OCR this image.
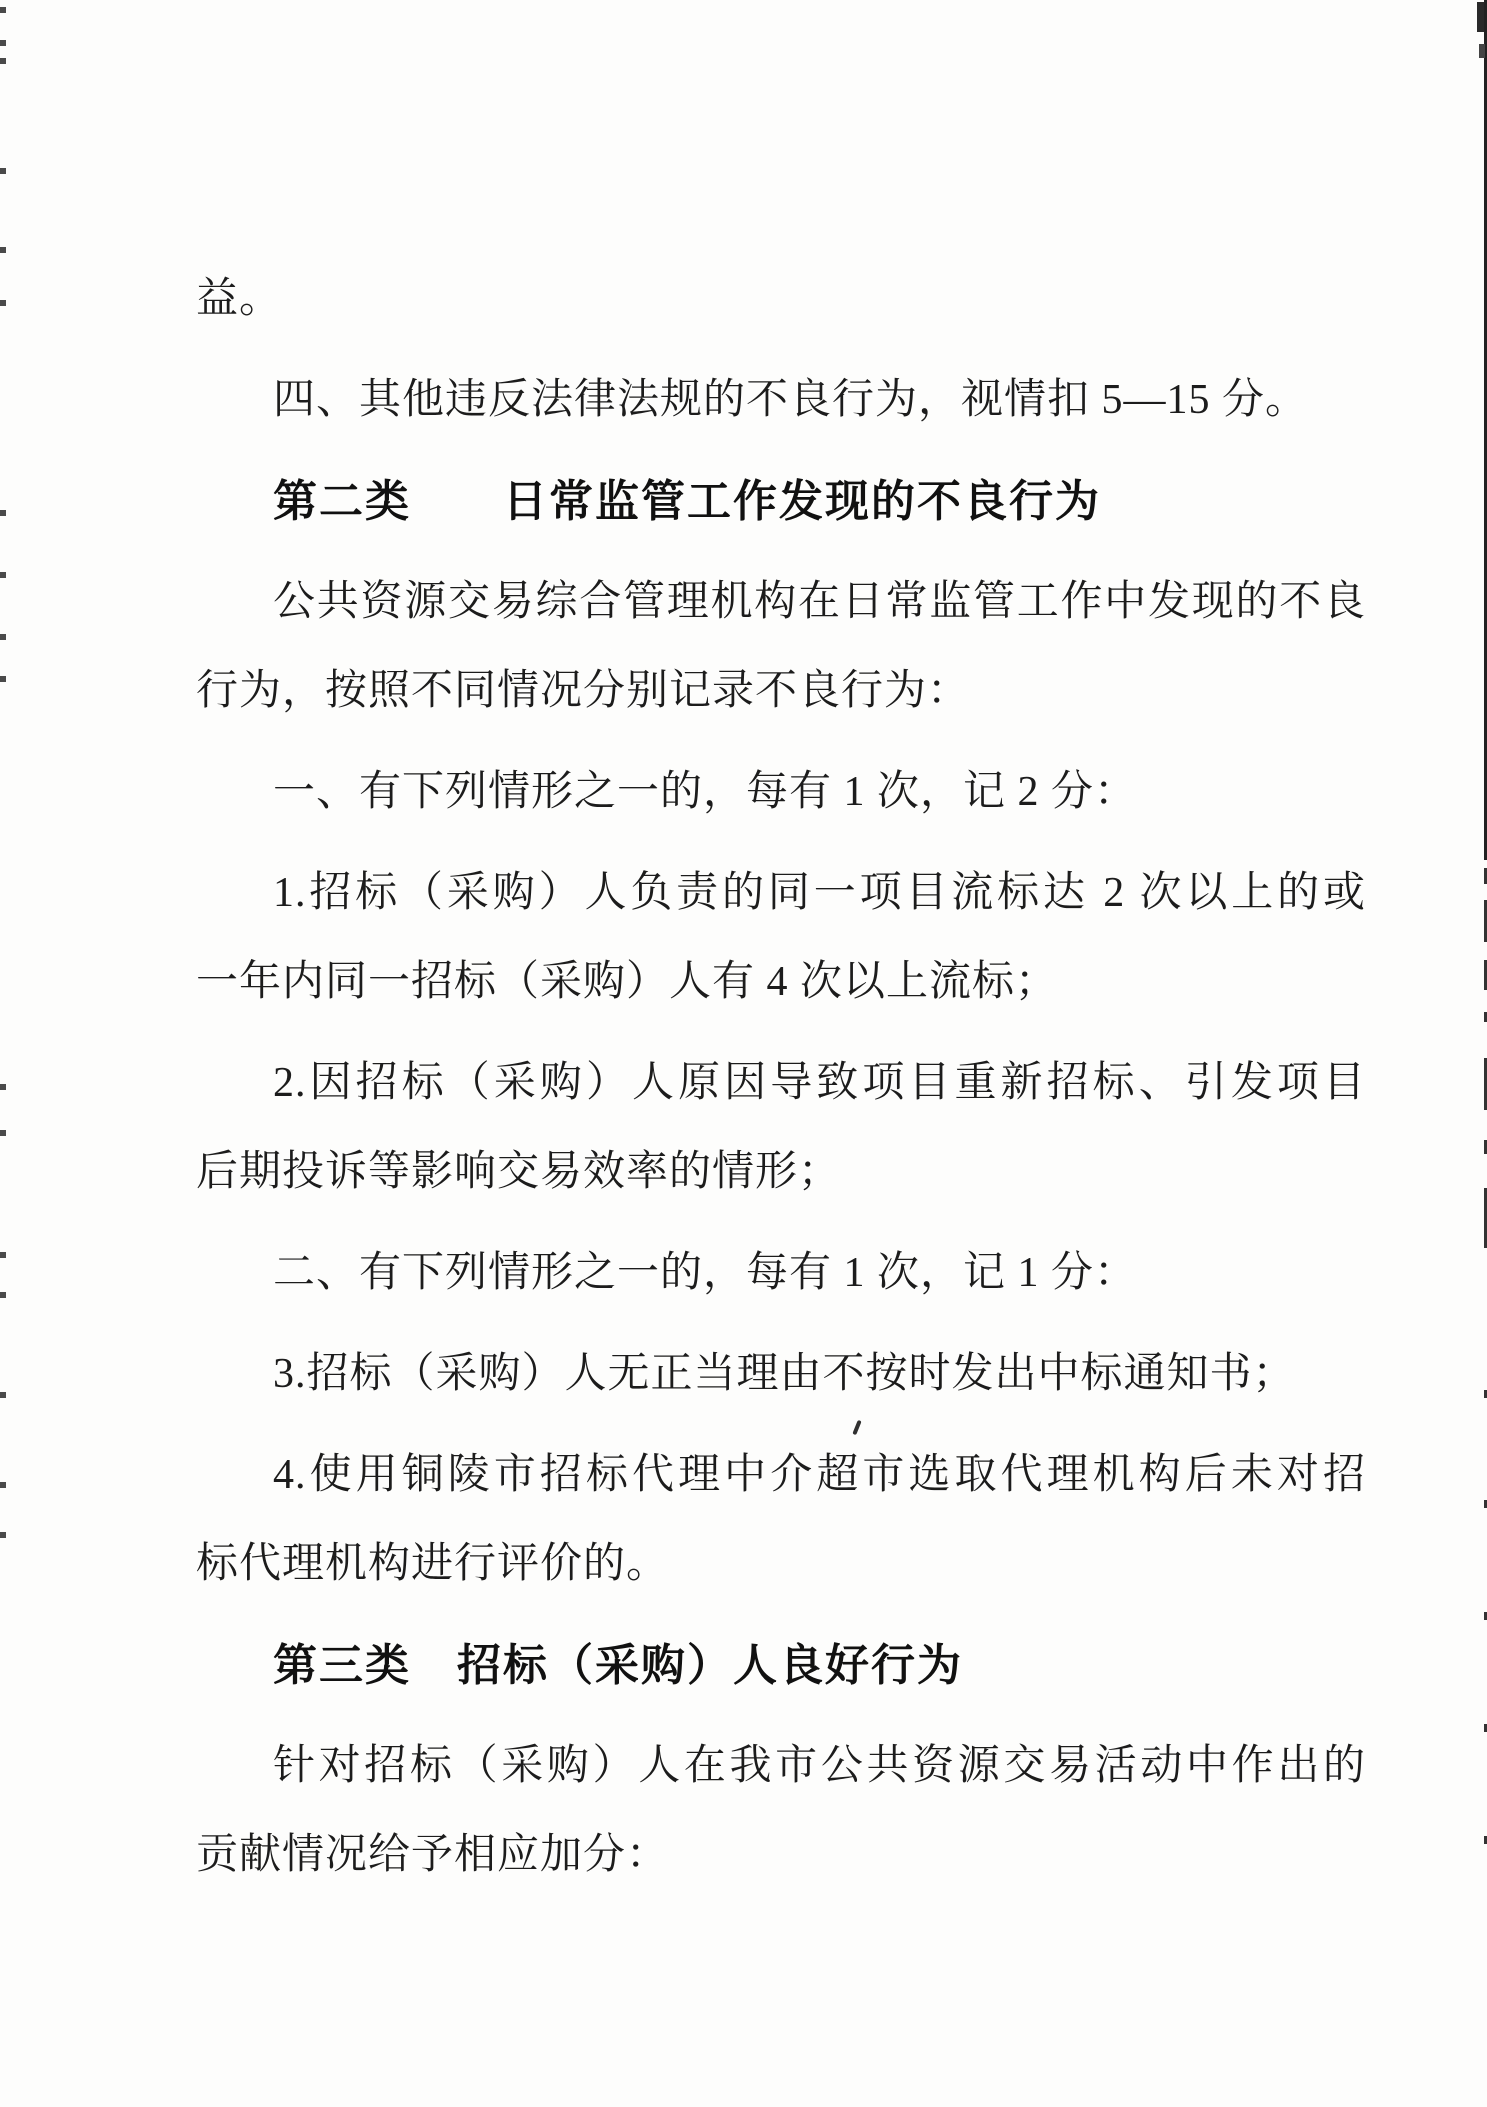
益。
四、其他违反法律法规的不良行为，视情扣 5—15 分。
第二类　　日常监管工作发现的不良行为
公共资源交易综合管理机构在日常监管工作中发现的不良
行为，按照不同情况分别记录不良行为：
一、有下列情形之一的，每有 1 次，记 2 分：
1.招标（采购）人负责的同一项目流标达 2 次以上的或
一年内同一招标（采购）人有 4 次以上流标；
2.因招标（采购）人原因导致项目重新招标、引发项目
后期投诉等影响交易效率的情形；
二、有下列情形之一的，每有 1 次，记 1 分：
3.招标（采购）人无正当理由不按时发出中标通知书；
4.使用铜陵市招标代理中介超市选取代理机构后未对招
标代理机构进行评价的。
第三类　招标（采购）人良好行为
针对招标（采购）人在我市公共资源交易活动中作出的
贡献情况给予相应加分：
